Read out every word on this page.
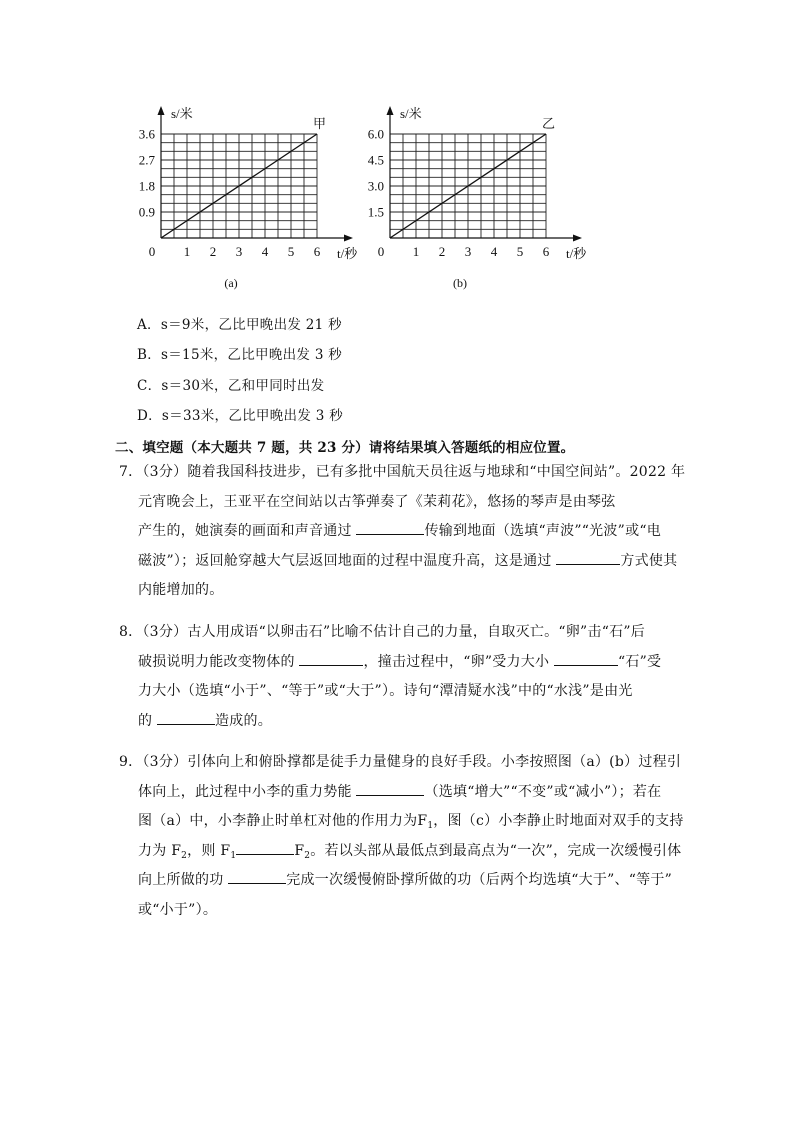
甲
0 1 2 3 4 5 6
0.9
1.8
2.7
3.6
s/米
t/秒
(a)
乙
0 1 2 3 4 5 6
1.5
3.0
4.5
6.0
s/米
t/秒
(b)
A．s＝9米，乙比甲晚出发 21 秒
B．s＝15米，乙比甲晚出发 3 秒
C．s＝30米，乙和甲同时出发
D．s＝33米，乙比甲晚出发 3 秒
二、填空题（本大题共 7 题，共 23 分）请将结果填入答题纸的相应位置。

7．（3分）随着我国科技进步，已有多批中国航天员往返与地球和“中国空间站”。2022 年

元宵晚会上，王亚平在空间站以古筝弹奏了《茉莉花》，悠扬的琴声是由琴弦

产生的，她演奏的画面和声音通过	传输到地面（选填“声波”“光波”或“电

磁波”）；返回舱穿越大气层返回地面的过程中温度升高，这是通过	方式使其

内能增加的。

8．（3分）古人用成语“以卵击石”比喻不估计自己的力量，自取灭亡。“卵”击“石”后

破损说明力能改变物体的	，撞击过程中，“卵”受力大小	“石”受

力大小（选填“小于”、“等于”或“大于”）。诗句“潭清疑水浅”中的“水浅”是由光

的	造成的。

9．（3分）引体向上和俯卧撑都是徒手力量健身的良好手段。小李按照图（a）(b）过程引

体向上，此过程中小李的重力势能	（选填“增大”“不变”或“减小”）；若在

图（a）中，小李静止时单杠对他的作用力为$F_1$，图（c）小李静止时地面对双手的支持

力为 $F_2$，则 $F_1$	$F_2$。若以头部从最低点到最高点为“一次”，完成一次缓慢引体

向上所做的功	完成一次缓慢俯卧撑所做的功（后两个均选填“大于”、“等于”

或“小于”）。
